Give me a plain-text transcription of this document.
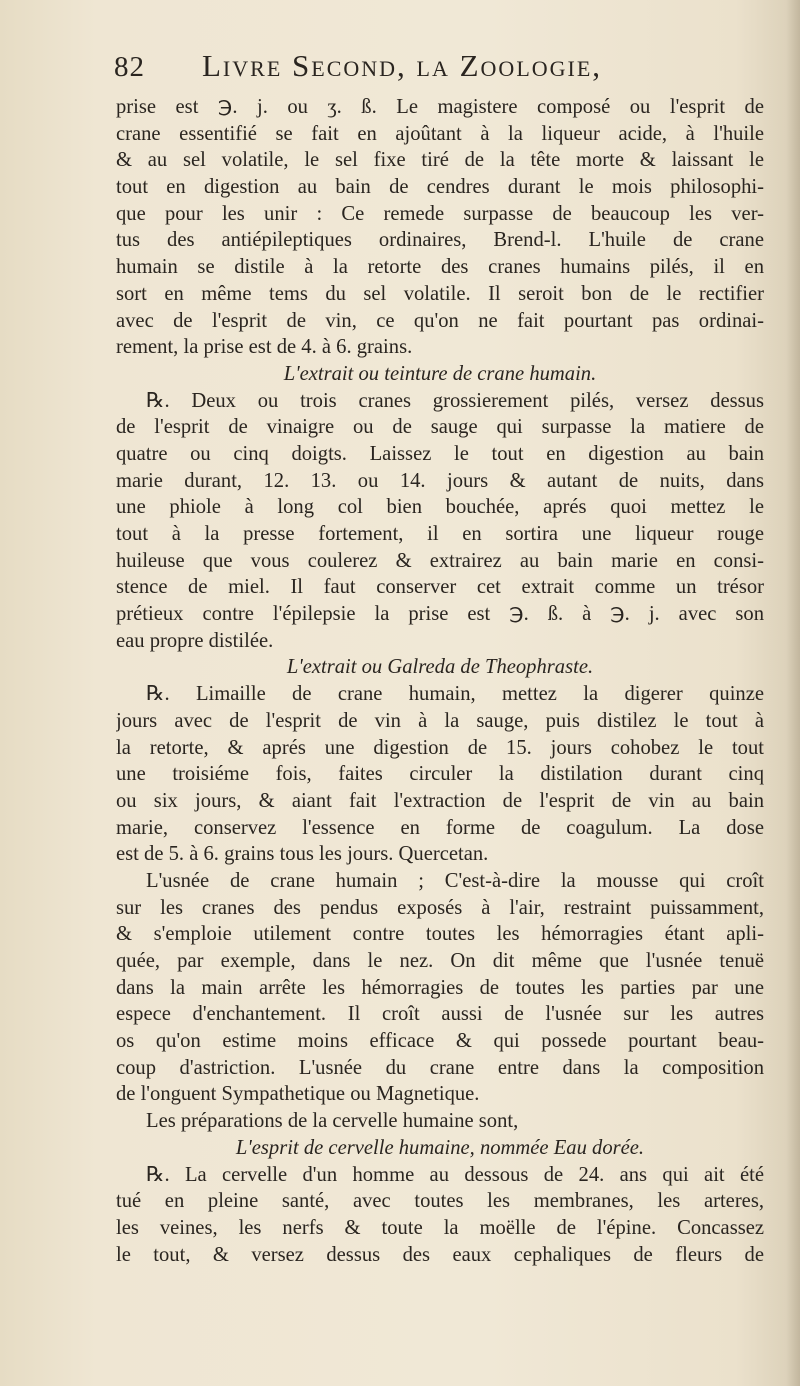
82	Livre Second, la Zoologie,
prise est ℈. j. ou ʒ. ß. Le magistere composé ou l'esprit de
crane essentifié se fait en ajoûtant à la liqueur acide, à l'huile
& au sel volatile, le sel fixe tiré de la tête morte & laissant le
tout en digestion au bain de cendres durant le mois philosophi-
que pour les unir : Ce remede surpasse de beaucoup les ver-
tus des antiépileptiques ordinaires, Brend-l. L'huile de crane
humain se distile à la retorte des cranes humains pilés, il en
sort en même tems du sel volatile. Il seroit bon de le rectifier
avec de l'esprit de vin, ce qu'on ne fait pourtant pas ordinai-
rement, la prise est de 4. à 6. grains.
L'extrait ou teinture de crane humain.
℞. Deux ou trois cranes grossierement pilés, versez dessus
de l'esprit de vinaigre ou de sauge qui surpasse la matiere de
quatre ou cinq doigts. Laissez le tout en digestion au bain
marie durant, 12. 13. ou 14. jours & autant de nuits, dans
une phiole à long col bien bouchée, aprés quoi mettez le
tout à la presse fortement, il en sortira une liqueur rouge
huileuse que vous coulerez & extrairez au bain marie en consi-
stence de miel. Il faut conserver cet extrait comme un trésor
prétieux contre l'épilepsie la prise est ℈. ß. à ℈. j. avec son
eau propre distilée.
L'extrait ou Galreda de Theophraste.
℞. Limaille de crane humain, mettez la digerer quinze
jours avec de l'esprit de vin à la sauge, puis distilez le tout à
la retorte, & aprés une digestion de 15. jours cohobez le tout
une troisiéme fois, faites circuler la distilation durant cinq
ou six jours, & aiant fait l'extraction de l'esprit de vin au bain
marie, conservez l'essence en forme de coagulum. La dose
est de 5. à 6. grains tous les jours. Quercetan.
L'usnée de crane humain ; C'est-à-dire la mousse qui croît
sur les cranes des pendus exposés à l'air, restraint puissamment,
& s'emploie utilement contre toutes les hémorragies étant apli-
quée, par exemple, dans le nez. On dit même que l'usnée tenuë
dans la main arrête les hémorragies de toutes les parties par une
espece d'enchantement. Il croît aussi de l'usnée sur les autres
os qu'on estime moins efficace & qui possede pourtant beau-
coup d'astriction. L'usnée du crane entre dans la composition
de l'onguent Sympathetique ou Magnetique.
Les préparations de la cervelle humaine sont,
L'esprit de cervelle humaine, nommée Eau dorée.
℞. La cervelle d'un homme au dessous de 24. ans qui ait été
tué en pleine santé, avec toutes les membranes, les arteres,
les veines, les nerfs & toute la moëlle de l'épine. Concassez
le tout, & versez dessus des eaux cephaliques de fleurs de
